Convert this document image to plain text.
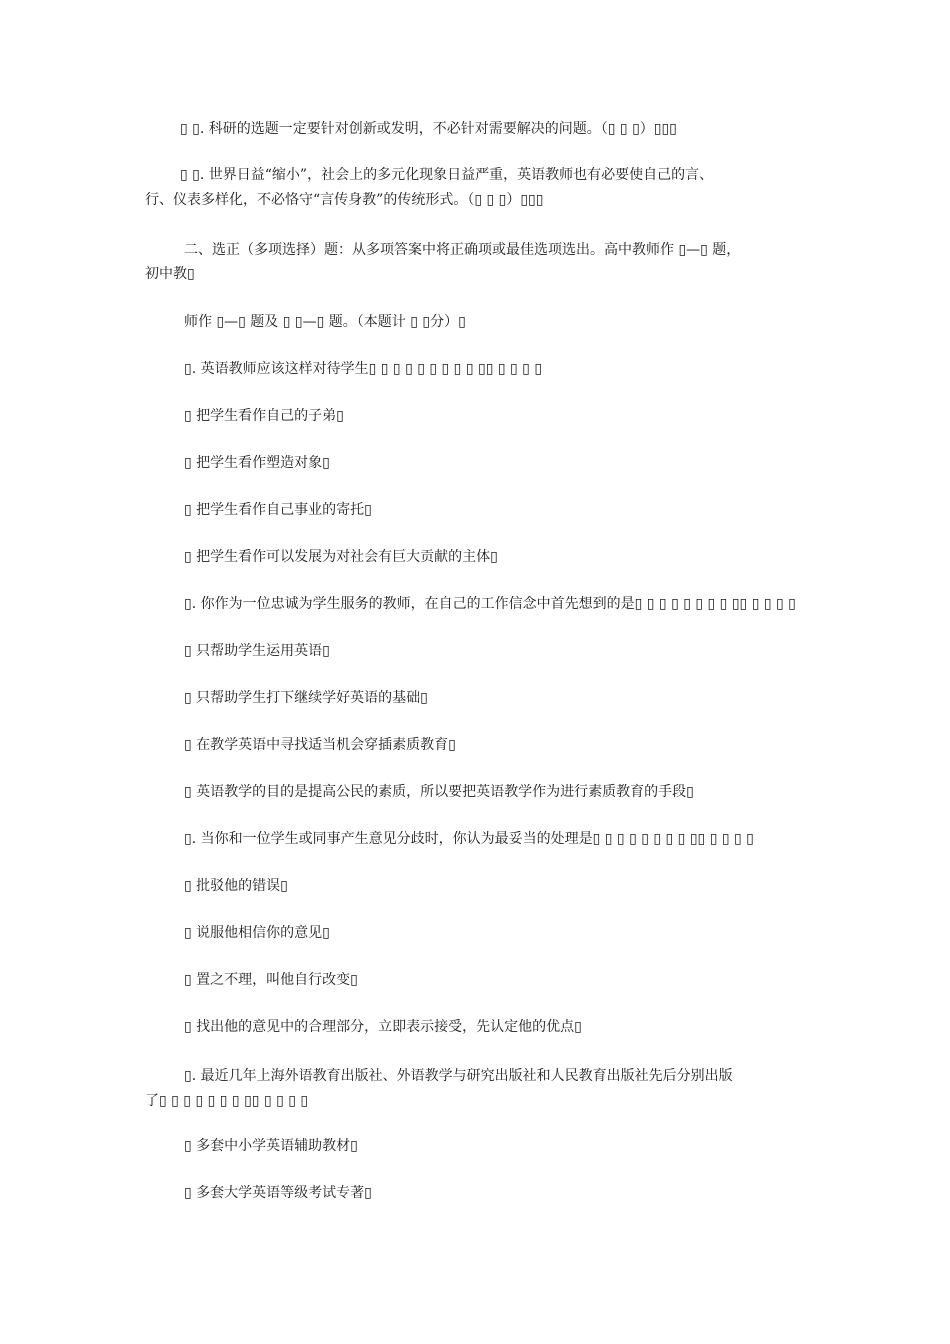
▯ ▯. 科研的选题一定要针对创新或发明，不必针对需要解决的问题。（▯ ▯ ▯）▯▯▯
▯ ▯. 世界日益“缩小”，社会上的多元化现象日益严重，英语教师也有必要使自己的言、
行、仪表多样化，不必恪守“言传身教”的传统形式。（▯ ▯ ▯）▯▯▯
二、选正（多项选择）题：从多项答案中将正确项或最佳选项选出。高中教师作 ▯—▯ 题，
初中教▯
师作 ▯—▯ 题及 ▯ ▯—▯ 题。（本题计 ▯ ▯分）▯
▯. 英语教师应该这样对待学生▯ ▯ ▯ ▯ ▯ ▯ ▯ ▯ ▯ ▯▯ ▯ ▯ ▯ ▯
▯ 把学生看作自己的子弟▯
▯ 把学生看作塑造对象▯
▯ 把学生看作自己事业的寄托▯
▯ 把学生看作可以发展为对社会有巨大贡献的主体▯
▯. 你作为一位忠诚为学生服务的教师，在自己的工作信念中首先想到的是▯ ▯ ▯ ▯ ▯ ▯ ▯ ▯ ▯▯ ▯ ▯ ▯ ▯
▯ 只帮助学生运用英语▯
▯ 只帮助学生打下继续学好英语的基础▯
▯ 在教学英语中寻找适当机会穿插素质教育▯
▯ 英语教学的目的是提高公民的素质，所以要把英语教学作为进行素质教育的手段▯
▯. 当你和一位学生或同事产生意见分歧时，你认为最妥当的处理是▯ ▯ ▯ ▯ ▯ ▯ ▯ ▯ ▯▯ ▯ ▯ ▯ ▯
▯ 批驳他的错误▯
▯ 说服他相信你的意见▯
▯ 置之不理，叫他自行改变▯
▯ 找出他的意见中的合理部分，立即表示接受，先认定他的优点▯
▯. 最近几年上海外语教育出版社、外语教学与研究出版社和人民教育出版社先后分别出版
了▯ ▯ ▯ ▯ ▯ ▯ ▯ ▯▯ ▯ ▯ ▯ ▯
▯ 多套中小学英语辅助教材▯
▯ 多套大学英语等级考试专著▯
